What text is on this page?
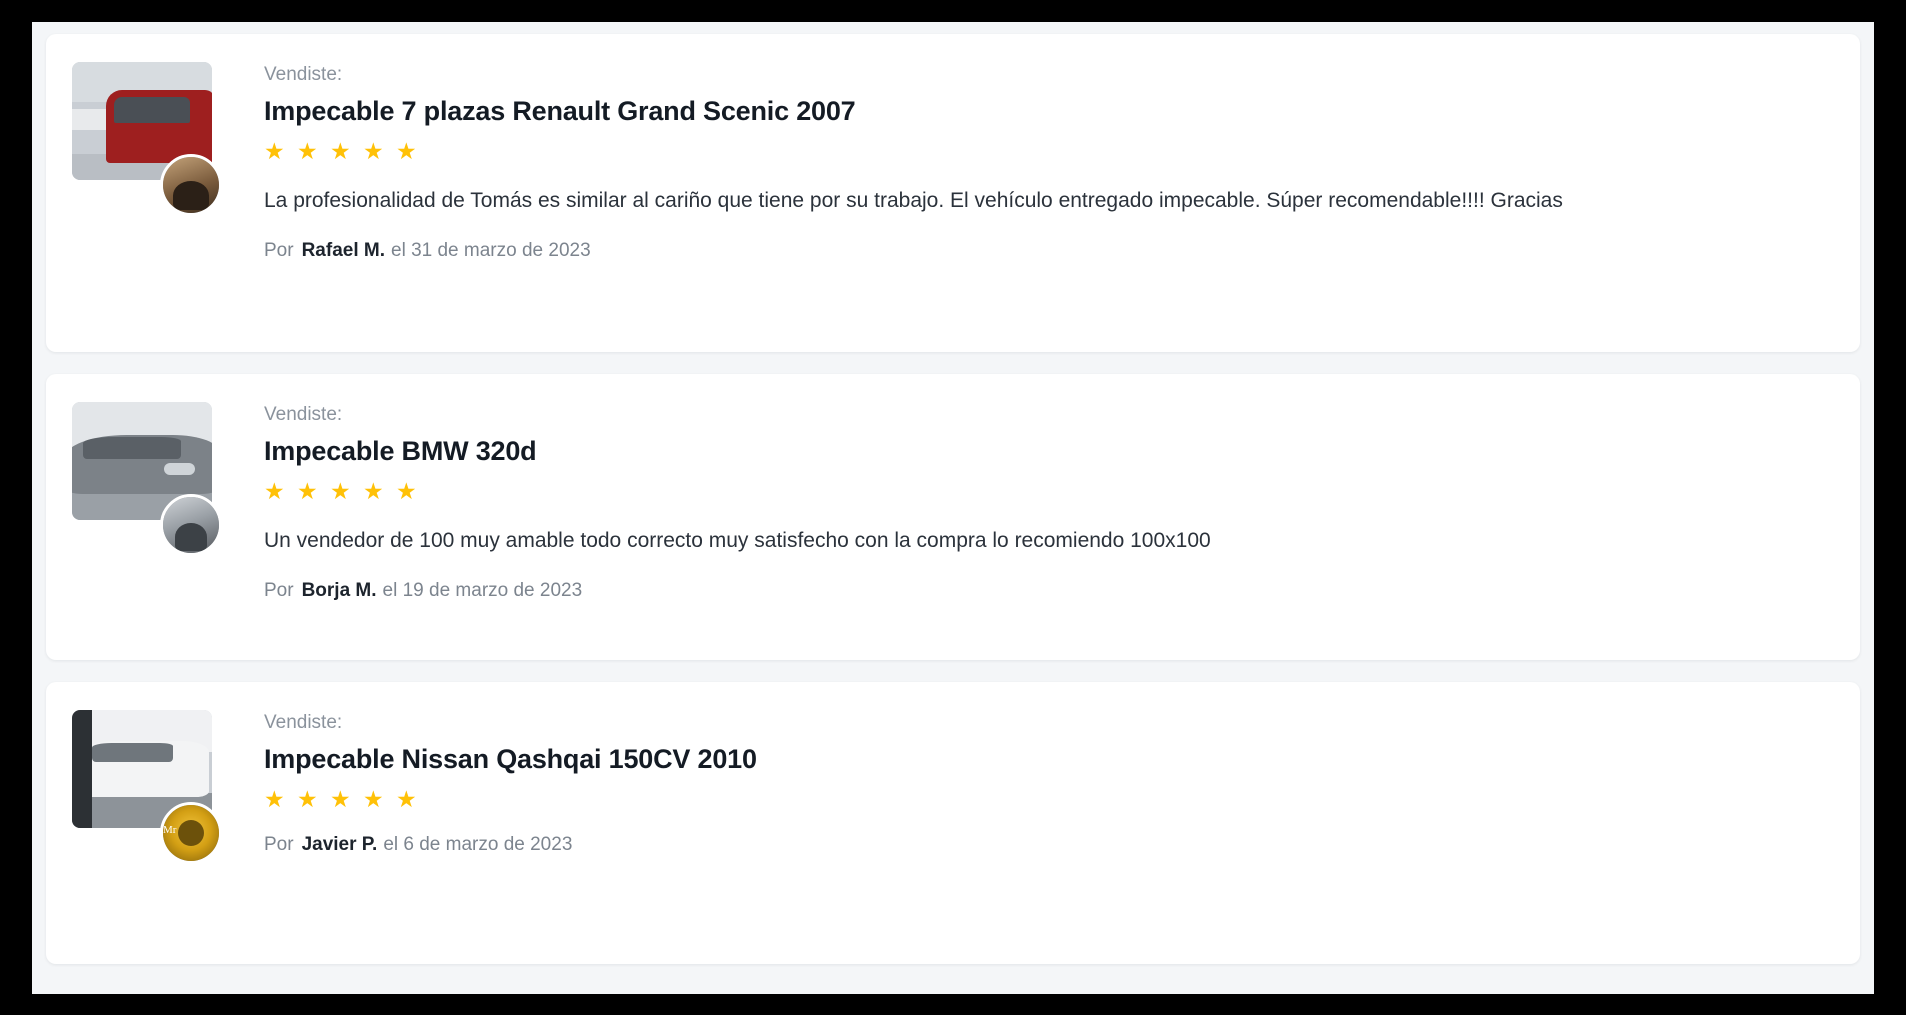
Vendiste:
Impecable 7 plazas Renault Grand Scenic 2007
★ ★ ★ ★ ★

La profesionalidad de Tomás es similar al cariño que tiene por su trabajo. El vehículo entregado impecable. Súper recomendable!!!! Gracias

Por Rafael M. el 31 de marzo de 2023
Vendiste:
Impecable BMW 320d
★ ★ ★ ★ ★

Un vendedor de 100 muy amable todo correcto muy satisfecho con la compra lo recomiendo 100x100

Por Borja M. el 19 de marzo de 2023
Mr
Vendiste:
Impecable Nissan Qashqai 150CV 2010
★ ★ ★ ★ ★
Por Javier P. el 6 de marzo de 2023
